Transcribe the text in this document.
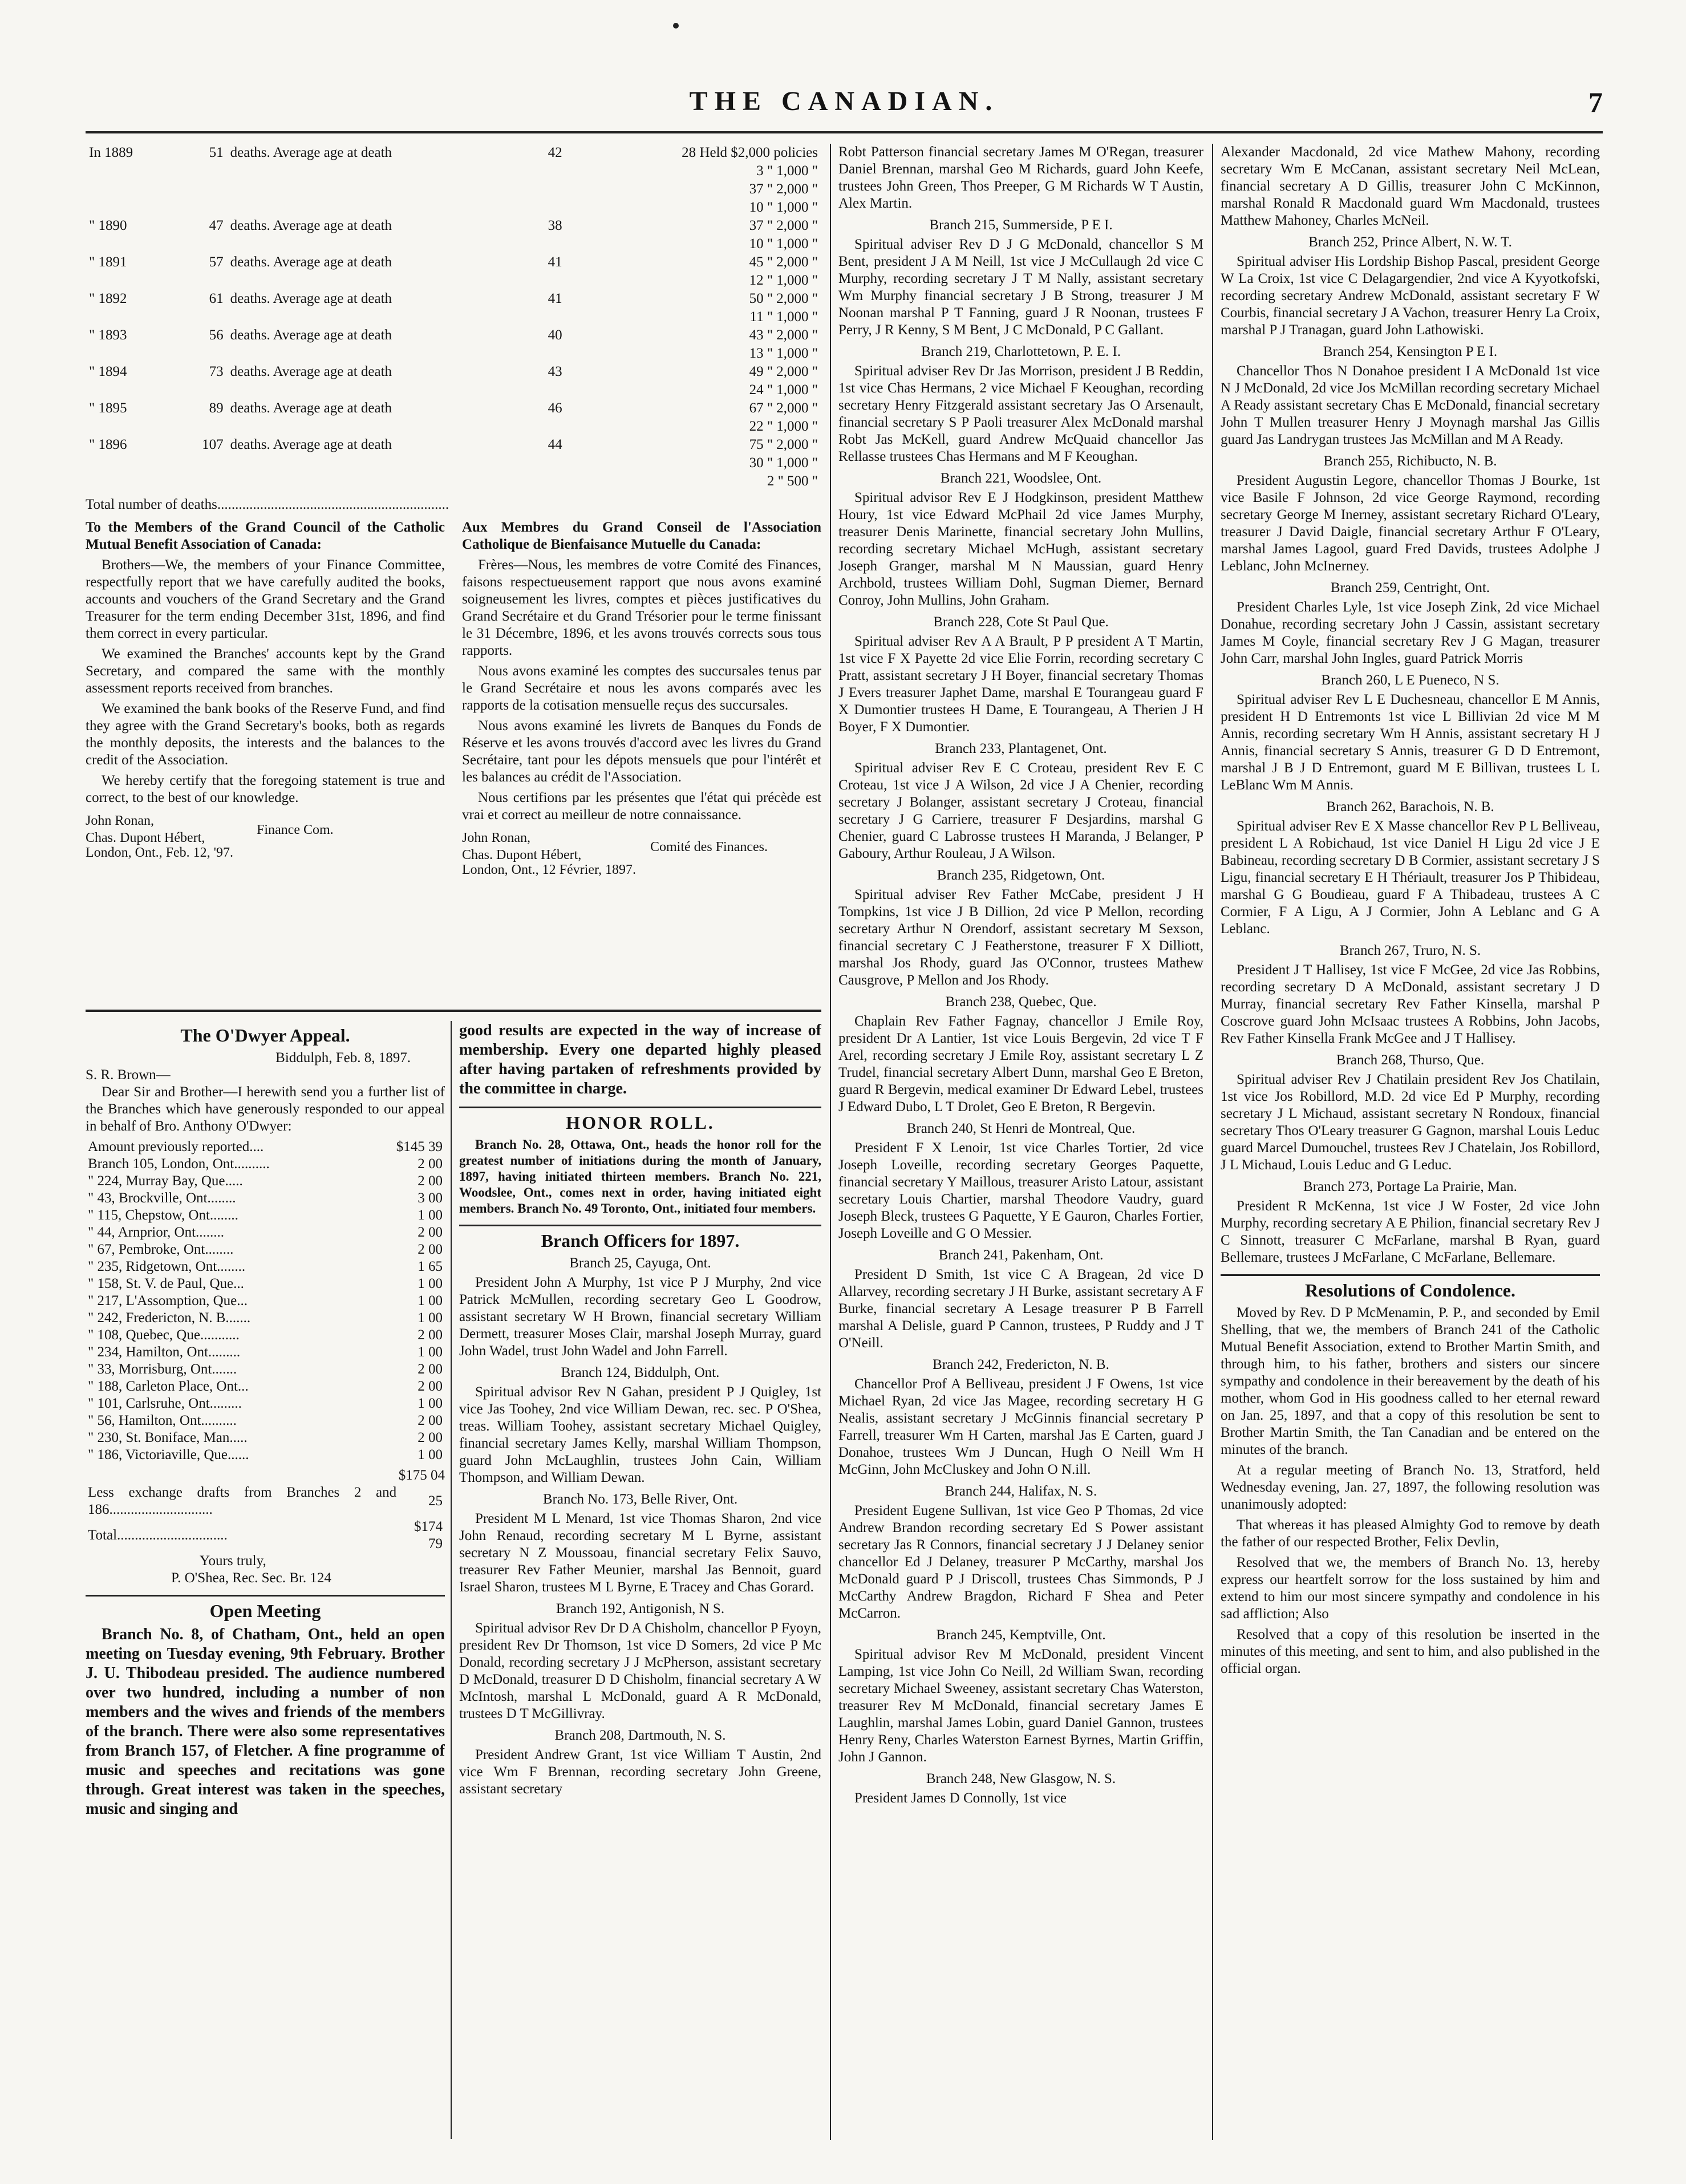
THE CANADIAN.	7
In 1889	51	deaths. Average age at death	42	28 Held $2,000 policies
				3 " 1,000 "
				37 " 2,000 "
				10 " 1,000 "
" 1890	47	deaths. Average age at death	38	37 " 2,000 "
				10 " 1,000 "
" 1891	57	deaths. Average age at death	41	45 " 2,000 "
				12 " 1,000 "
" 1892	61	deaths. Average age at death	41	50 " 2,000 "
				11 " 1,000 "
" 1893	56	deaths. Average age at death	40	43 " 2,000 "
				13 " 1,000 "
" 1894	73	deaths. Average age at death	43	49 " 2,000 "
				24 " 1,000 "
" 1895	89	deaths. Average age at death	46	67 " 2,000 "
				22 " 1,000 "
" 1896	107	deaths. Average age at death	44	75 " 2,000 "
				30 " 1,000 "
				2 " 500 "
Total number of deaths.................................................................

To the Members of the Grand Council of the Catholic Mutual Benefit Association of Canada:

Brothers—We, the members of your Finance Committee, respectfully report that we have carefully audited the books, accounts and vouchers of the Grand Secretary and the Grand Treasurer for the term ending December 31st, 1896, and find them correct in every particular.

We examined the Branches' accounts kept by the Grand Secretary, and compared the same with the monthly assessment reports received from branches.

We examined the bank books of the Reserve Fund, and find they agree with the Grand Secretary's books, both as regards the monthly deposits, the interests and the balances to the credit of the Association.

We hereby certify that the foregoing statement is true and correct, to the best of our knowledge.

John Ronan,
Chas. Dupont Hébert,
Finance Com.
London, Ont., Feb. 12, '97.

Aux Membres du Grand Conseil de l'Association Catholique de Bienfaisance Mutuelle du Canada:

Frères—Nous, les membres de votre Comité des Finances, faisons respectueusement rapport que nous avons examiné soigneusement les livres, comptes et pièces justificatives du Grand Secrétaire et du Grand Trésorier pour le terme finissant le 31 Décembre, 1896, et les avons trouvés corrects sous tous rapports.

Nous avons examiné les comptes des succursales tenus par le Grand Secrétaire et nous les avons comparés avec les rapports de la cotisation mensuelle reçus des succursales.

Nous avons examiné les livrets de Banques du Fonds de Réserve et les avons trouvés d'accord avec les livres du Grand Secrétaire, tant pour les dépots mensuels que pour l'intérêt et les balances au crédit de l'Association.

Nous certifions par les présentes que l'état qui précède est vrai et correct au meilleur de notre connaissance.

John Ronan,
Chas. Dupont Hébert,
Comité des Finances.
London, Ont., 12 Février, 1897.
The O'Dwyer Appeal.
Biddulph, Feb. 8, 1897.
S. R. Brown—

Dear Sir and Brother—I herewith send you a further list of the Branches which have generously responded to our appeal in behalf of Bro. Anthony O'Dwyer:

Amount previously reported....	$145 39
Branch 105, London, Ont..........	2 00
" 224, Murray Bay, Que.....	2 00
" 43, Brockville, Ont........	3 00
" 115, Chepstow, Ont........	1 00
" 44, Arnprior, Ont........	2 00
" 67, Pembroke, Ont........	2 00
" 235, Ridgetown, Ont........	1 65
" 158, St. V. de Paul, Que...	1 00
" 217, L'Assomption, Que...	1 00
" 242, Fredericton, N. B.......	1 00
" 108, Quebec, Que...........	2 00
" 234, Hamilton, Ont.........	1 00
" 33, Morrisburg, Ont.......	2 00
" 188, Carleton Place, Ont...	2 00
" 101, Carlsruhe, Ont.........	1 00
" 56, Hamilton, Ont..........	2 00
" 230, St. Boniface, Man.....	2 00
" 186, Victoriaville, Que......	1 00
$175 04
Less exchange drafts from Branches 2 and 186.............................	25
Total...............................	$174 79
Yours truly,
P. O'Shea, Rec. Sec. Br. 124
Open Meeting

Branch No. 8, of Chatham, Ont., held an open meeting on Tuesday evening, 9th February. Brother J. U. Thibodeau presided. The audience numbered over two hundred, including a number of non members and the wives and friends of the members of the branch. There were also some representatives from Branch 157, of Fletcher. A fine programme of music and speeches and recitations was gone through. Great interest was taken in the speeches, music and singing and

good results are expected in the way of increase of membership. Every one departed highly pleased after having partaken of refreshments provided by the committee in charge.

HONOR ROLL.

Branch No. 28, Ottawa, Ont., heads the honor roll for the greatest number of initiations during the month of January, 1897, having initiated thirteen members. Branch No. 221, Woodslee, Ont., comes next in order, having initiated eight members. Branch No. 49 Toronto, Ont., initiated four members.

Branch Officers for 1897.
Branch 25, Cayuga, Ont.

President John A Murphy, 1st vice P J Murphy, 2nd vice Patrick McMullen, recording secretary Geo L Goodrow, assistant secretary W H Brown, financial secretary William Dermett, treasurer Moses Clair, marshal Joseph Murray, guard John Wadel, trust John Wadel and John Farrell.

Branch 124, Biddulph, Ont.

Spiritual advisor Rev N Gahan, president P J Quigley, 1st vice Jas Toohey, 2nd vice William Dewan, rec. sec. P O'Shea, treas. William Toohey, assistant secretary Michael Quigley, financial secretary James Kelly, marshal William Thompson, guard John McLaughlin, trustees John Cain, William Thompson, and William Dewan.

Branch No. 173, Belle River, Ont.

President M L Menard, 1st vice Thomas Sharon, 2nd vice John Renaud, recording secretary M L Byrne, assistant secretary N Z Moussoau, financial secretary Felix Sauvo, treasurer Rev Father Meunier, marshal Jas Bennoit, guard Israel Sharon, trustees M L Byrne, E Tracey and Chas Gorard.

Branch 192, Antigonish, N S.

Spiritual advisor Rev Dr D A Chisholm, chancellor P Fyoyn, president Rev Dr Thomson, 1st vice D Somers, 2d vice P Mc Donald, recording secretary J J McPherson, assistant secretary D McDonald, treasurer D D Chisholm, financial secretary A W McIntosh, marshal L McDonald, guard A R McDonald, trustees D T McGillivray.

Branch 208, Dartmouth, N. S.

President Andrew Grant, 1st vice William T Austin, 2nd vice Wm F Brennan, recording secretary John Greene, assistant secretary

Robt Patterson financial secretary James M O'Regan, treasurer Daniel Brennan, marshal Geo M Richards, guard John Keefe, trustees John Green, Thos Preeper, G M Richards W T Austin, Alex Martin.

Branch 215, Summerside, P E I.

Spiritual adviser Rev D J G McDonald, chancellor S M Bent, president J A M Neill, 1st vice J McCullaugh 2d vice C Murphy, recording secretary J T M Nally, assistant secretary Wm Murphy financial secretary J B Strong, treasurer J M Noonan marshal P T Fanning, guard J R Noonan, trustees F Perry, J R Kenny, S M Bent, J C McDonald, P C Gallant.

Branch 219, Charlottetown, P. E. I.

Spiritual adviser Rev Dr Jas Morrison, president J B Reddin, 1st vice Chas Hermans, 2 vice Michael F Keoughan, recording secretary Henry Fitzgerald assistant secretary Jas O Arsenault, financial secretary S P Paoli treasurer Alex McDonald marshal Robt Jas McKell, guard Andrew McQuaid chancellor Jas Rellasse trustees Chas Hermans and M F Keoughan.

Branch 221, Woodslee, Ont.

Spiritual advisor Rev E J Hodgkinson, president Matthew Houry, 1st vice Edward McPhail 2d vice James Murphy, treasurer Denis Marinette, financial secretary John Mullins, recording secretary Michael McHugh, assistant secretary Joseph Granger, marshal M N Maussian, guard Henry Archbold, trustees William Dohl, Sugman Diemer, Bernard Conroy, John Mullins, John Graham.

Branch 228, Cote St Paul Que.

Spiritual adviser Rev A A Brault, P P president A T Martin, 1st vice F X Payette 2d vice Elie Forrin, recording secretary C Pratt, assistant secretary J H Boyer, financial secretary Thomas J Evers treasurer Japhet Dame, marshal E Tourangeau guard F X Dumontier trustees H Dame, E Tourangeau, A Therien J H Boyer, F X Dumontier.

Branch 233, Plantagenet, Ont.

Spiritual adviser Rev E C Croteau, president Rev E C Croteau, 1st vice J A Wilson, 2d vice J A Chenier, recording secretary J Bolanger, assistant secretary J Croteau, financial secretary J G Carriere, treasurer F Desjardins, marshal G Chenier, guard C Labrosse trustees H Maranda, J Belanger, P Gaboury, Arthur Rouleau, J A Wilson.

Branch 235, Ridgetown, Ont.

Spiritual adviser Rev Father McCabe, president J H Tompkins, 1st vice J B Dillion, 2d vice P Mellon, recording secretary Arthur N Orendorf, assistant secretary M Sexson, financial secretary C J Featherstone, treasurer F X Dilliott, marshal Jos Rhody, guard Jas O'Connor, trustees Mathew Causgrove, P Mellon and Jos Rhody.

Branch 238, Quebec, Que.

Chaplain Rev Father Fagnay, chancellor J Emile Roy, president Dr A Lantier, 1st vice Louis Bergevin, 2d vice T F Arel, recording secretary J Emile Roy, assistant secretary L Z Trudel, financial secretary Albert Dunn, marshal Geo E Breton, guard R Bergevin, medical examiner Dr Edward Lebel, trustees J Edward Dubo, L T Drolet, Geo E Breton, R Bergevin.

Branch 240, St Henri de Montreal, Que.

President F X Lenoir, 1st vice Charles Tortier, 2d vice Joseph Loveille, recording secretary Georges Paquette, financial secretary Y Maillous, treasurer Aristo Latour, assistant secretary Louis Chartier, marshal Theodore Vaudry, guard Joseph Bleck, trustees G Paquette, Y E Gauron, Charles Fortier, Joseph Loveille and G O Messier.

Branch 241, Pakenham, Ont.

President D Smith, 1st vice C A Bragean, 2d vice D Allarvey, recording secretary J H Burke, assistant secretary A F Burke, financial secretary A Lesage treasurer P B Farrell marshal A Delisle, guard P Cannon, trustees, P Ruddy and J T O'Neill.

Branch 242, Fredericton, N. B.

Chancellor Prof A Belliveau, president J F Owens, 1st vice Michael Ryan, 2d vice Jas Magee, recording secretary H G Nealis, assistant secretary J McGinnis financial secretary P Farrell, treasurer Wm H Carten, marshal Jas E Carten, guard J Donahoe, trustees Wm J Duncan, Hugh O Neill Wm H McGinn, John McCluskey and John O N.ill.

Branch 244, Halifax, N. S.

President Eugene Sullivan, 1st vice Geo P Thomas, 2d vice Andrew Brandon recording secretary Ed S Power assistant secretary Jas R Connors, financial secretary J J Delaney senior chancellor Ed J Delaney, treasurer P McCarthy, marshal Jos McDonald guard P J Driscoll, trustees Chas Simmonds, P J McCarthy Andrew Bragdon, Richard F Shea and Peter McCarron.

Branch 245, Kemptville, Ont.

Spiritual advisor Rev M McDonald, president Vincent Lamping, 1st vice John Co Neill, 2d William Swan, recording secretary Michael Sweeney, assistant secretary Chas Waterston, treasurer Rev M McDonald, financial secretary James E Laughlin, marshal James Lobin, guard Daniel Gannon, trustees Henry Reny, Charles Waterston Earnest Byrnes, Martin Griffin, John J Gannon.

Branch 248, New Glasgow, N. S.

President James D Connolly, 1st vice

Alexander Macdonald, 2d vice Mathew Mahony, recording secretary Wm E McCanan, assistant secretary Neil McLean, financial secretary A D Gillis, treasurer John C McKinnon, marshal Ronald R Macdonald guard Wm Macdonald, trustees Matthew Mahoney, Charles McNeil.

Branch 252, Prince Albert, N. W. T.

Spiritual adviser His Lordship Bishop Pascal, president George W La Croix, 1st vice C Delagargendier, 2nd vice A Kyyotkofski, recording secretary Andrew McDonald, assistant secretary F W Courbis, financial secretary J A Vachon, treasurer Henry La Croix, marshal P J Tranagan, guard John Lathowiski.

Branch 254, Kensington P E I.

Chancellor Thos N Donahoe president I A McDonald 1st vice N J McDonald, 2d vice Jos McMillan recording secretary Michael A Ready assistant secretary Chas E McDonald, financial secretary John T Mullen treasurer Henry J Moynagh marshal Jas Gillis guard Jas Landrygan trustees Jas McMillan and M A Ready.

Branch 255, Richibucto, N. B.

President Augustin Legore, chancellor Thomas J Bourke, 1st vice Basile F Johnson, 2d vice George Raymond, recording secretary George M Inerney, assistant secretary Richard O'Leary, treasurer J David Daigle, financial secretary Arthur F O'Leary, marshal James Lagool, guard Fred Davids, trustees Adolphe J Leblanc, John McInerney.

Branch 259, Centright, Ont.

President Charles Lyle, 1st vice Joseph Zink, 2d vice Michael Donahue, recording secretary John J Cassin, assistant secretary James M Coyle, financial secretary Rev J G Magan, treasurer John Carr, marshal John Ingles, guard Patrick Morris

Branch 260, L E Pueneco, N S.

Spiritual adviser Rev L E Duchesneau, chancellor E M Annis, president H D Entremonts 1st vice L Billivian 2d vice M M Annis, recording secretary Wm H Annis, assistant secretary H J Annis, financial secretary S Annis, treasurer G D D Entremont, marshal J B J D Entremont, guard M E Billivan, trustees L L LeBlanc Wm M Annis.

Branch 262, Barachois, N. B.

Spiritual adviser Rev E X Masse chancellor Rev P L Belliveau, president L A Robichaud, 1st vice Daniel H Ligu 2d vice J E Babineau, recording secretary D B Cormier, assistant secretary J S Ligu, financial secretary E H Thériault, treasurer Jos P Thibideau, marshal G G Boudieau, guard F A Thibadeau, trustees A C Cormier, F A Ligu, A J Cormier, John A Leblanc and G A Leblanc.

Branch 267, Truro, N. S.

President J T Hallisey, 1st vice F McGee, 2d vice Jas Robbins, recording secretary D A McDonald, assistant secretary J D Murray, financial secretary Rev Father Kinsella, marshal P Coscrove guard John McIsaac trustees A Robbins, John Jacobs, Rev Father Kinsella Frank McGee and J T Hallisey.

Branch 268, Thurso, Que.

Spiritual adviser Rev J Chatilain president Rev Jos Chatilain, 1st vice Jos Robillord, M.D. 2d vice Ed P Murphy, recording secretary J L Michaud, assistant secretary N Rondoux, financial secretary Thos O'Leary treasurer G Gagnon, marshal Louis Leduc guard Marcel Dumouchel, trustees Rev J Chatelain, Jos Robillord, J L Michaud, Louis Leduc and G Leduc.

Branch 273, Portage La Prairie, Man.

President R McKenna, 1st vice J W Foster, 2d vice John Murphy, recording secretary A E Philion, financial secretary Rev J C Sinnott, treasurer C McFarlane, marshal B Ryan, guard Bellemare, trustees J McFarlane, C McFarlane, Bellemare.

Resolutions of Condolence.

Moved by Rev. D P McMenamin, P. P., and seconded by Emil Shelling, that we, the members of Branch 241 of the Catholic Mutual Benefit Association, extend to Brother Martin Smith, and through him, to his father, brothers and sisters our sincere sympathy and condolence in their bereavement by the death of his mother, whom God in His goodness called to her eternal reward on Jan. 25, 1897, and that a copy of this resolution be sent to Brother Martin Smith, the Tan Canadian and be entered on the minutes of the branch.

At a regular meeting of Branch No. 13, Stratford, held Wednesday evening, Jan. 27, 1897, the following resolution was unanimously adopted:

That whereas it has pleased Almighty God to remove by death the father of our respected Brother, Felix Devlin,

Resolved that we, the members of Branch No. 13, hereby express our heartfelt sorrow for the loss sustained by him and extend to him our most sincere sympathy and condolence in his sad affliction; Also

Resolved that a copy of this resolution be inserted in the minutes of this meeting, and sent to him, and also published in the official organ.
